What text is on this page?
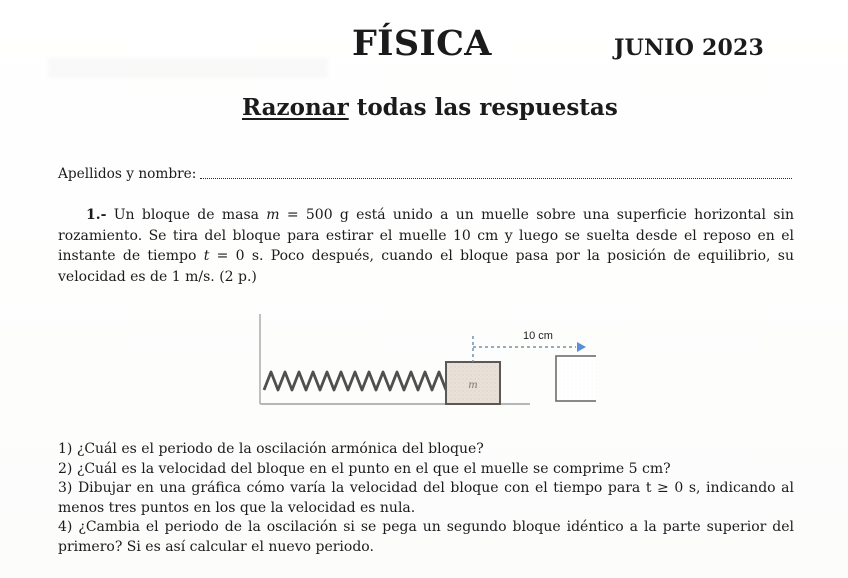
FÍSICA	JUNIO 2023
Razonar todas las respuestas
Apellidos y nombre:
1.- Un bloque de masa m = 500 g está unido a un muelle sobre una superficie horizontal sin rozamiento. Se tira del bloque para estirar el muelle 10 cm y luego se suelta desde el reposo en el instante de tiempo t = 0 s. Poco después, cuando el bloque pasa por la posición de equilibrio, su velocidad es de 1 m/s. (2 p.)
m
10 cm
1) ¿Cuál es el periodo de la oscilación armónica del bloque?
2) ¿Cuál es la velocidad del bloque en el punto en el que el muelle se comprime 5 cm?
3) Dibujar en una gráfica cómo varía la velocidad del bloque con el tiempo para t ≥ 0 s, indicando al menos tres puntos en los que la velocidad es nula.
4) ¿Cambia el periodo de la oscilación si se pega un segundo bloque idéntico a la parte superior del primero? Si es así calcular el nuevo periodo.
